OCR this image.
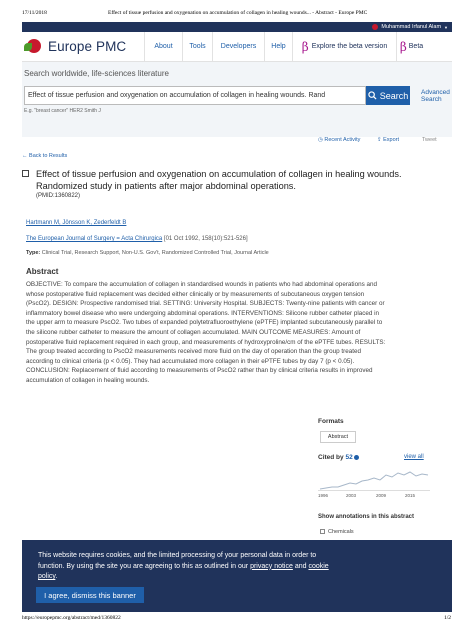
17/11/2018	Effect of tissue perfusion and oxygenation on accumulation of collagen in healing wounds... - Abstract - Europe PMC
Muhammad Irfanul Alam ▼
Europe PMC	About	Tools	Developers	Help	β Explore the beta version β Beta
Search worldwide, life-sciences literature
Effect of tissue perfusion and oxygenation on accumulation of collagen in healing wounds. Rand	Search Advanced Search
E.g. "breast cancer" HER2 Smith J
◷ Recent Activity	⇪ Export	Tweet
← Back to Results
Effect of tissue perfusion and oxygenation on accumulation of collagen in healing wounds. Randomized study in patients after major abdominal operations.
(PMID:1360822)
Hartmann M, Jönsson K, Zederfeldt B
The European Journal of Surgery = Acta Chirurgica [01 Oct 1992, 158(10):521-526]
Type: Clinical Trial, Research Support, Non-U.S. Gov't, Randomized Controlled Trial, Journal Article
Abstract
OBJECTIVE: To compare the accumulation of collagen in standardised wounds in patients who had abdominal operations and whose postoperative fluid replacement was decided either clinically or by measurements of subcutaneous oxygen tension (PscO2). DESIGN: Prospective randomised trial. SETTING: University Hospital. SUBJECTS: Twenty-nine patients with cancer or inflammatory bowel disease who were undergoing abdominal operations. INTERVENTIONS: Silicone rubber catheter placed in the upper arm to measure PscO2. Two tubes of expanded polytetrafluoroethylene (ePTFE) implanted subcutaneously parallel to the silicone rubber catheter to measure the amount of collagen accumulated. MAIN OUTCOME MEASURES: Amount of postoperative fluid replacement required in each group, and measurements of hydroxyproline/cm of the ePTFE tubes. RESULTS: The group treated according to PscO2 measurements received more fluid on the day of operation than the group treated according to clinical criteria (p < 0.05). They had accumulated more collagen in their ePTFE tubes by day 7 (p < 0.05). CONCLUSION: Replacement of fluid according to measurements of PscO2 rather than by clinical criteria results in improved accumulation of collagen in healing wounds.
Formats
Abstract
Cited by 52	view all
1996	2003	2009	2015
Show annotations in this abstract
Chemicals
This website requires cookies, and the limited processing of your personal data in order to function. By using the site you are agreeing to this as outlined in our privacy notice and cookie policy.
I agree, dismiss this banner
https://europepmc.org/abstract/med/1360822	1/2
